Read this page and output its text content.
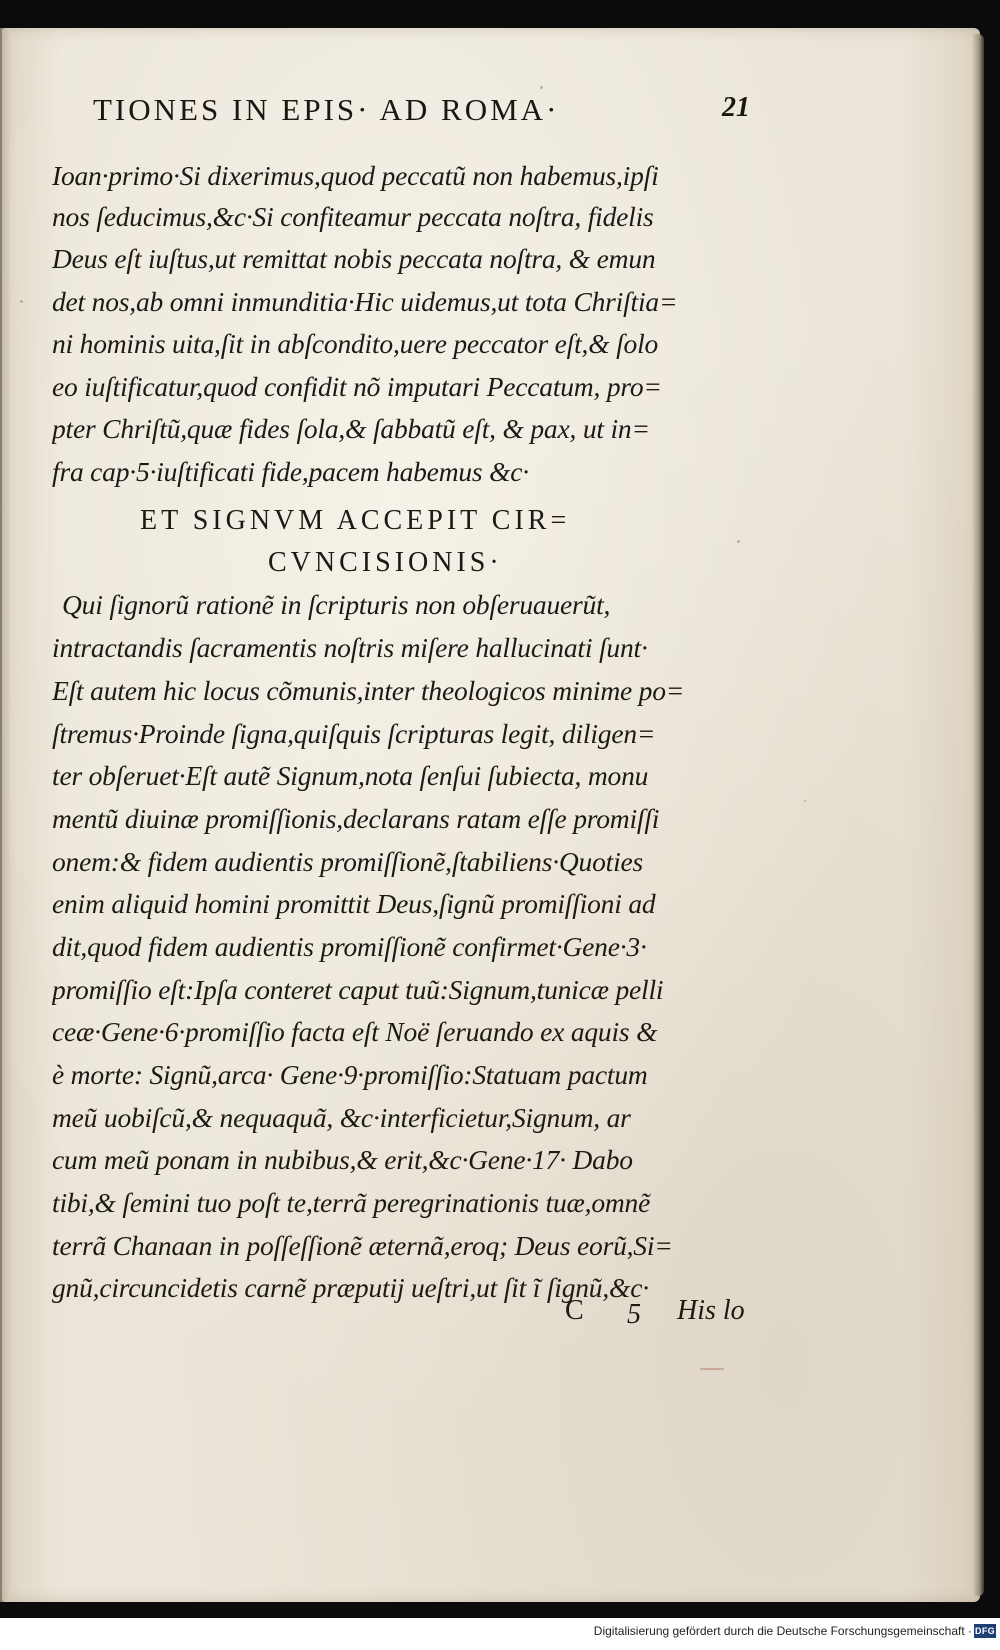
TIONES IN EPIS· AD ROMA·	21
Ioan·primo·Si dixerimus,quod peccatũ non habemus,ipſi
nos ſeducimus,&c·Si confiteamur peccata noſtra, fidelis
Deus eſt iuſtus,ut remittat nobis peccata noſtra, & emun
det nos,ab omni inmunditia·Hic uidemus,ut tota Chriſtia=
ni hominis uita,ſit in abſcondito,uere peccator eſt,& ſolo
eo iuſtificatur,quod confidit nõ imputari Peccatum, pro=
pter Chriſtũ,quæ fides ſola,& ſabbatũ eſt, & pax, ut in=
fra cap·5·iuſtificati fide,pacem habemus &c·
ET SIGNVM ACCEPIT CIR=
CVNCISIONIS·
Qui ſignorũ rationẽ in ſcripturis non obſeruauerũt,
intractandis ſacramentis noſtris miſere hallucinati ſunt·
Eſt autem hic locus cõmunis,inter theologicos minime po=
ſtremus·Proinde ſigna,quiſquis ſcripturas legit, diligen=
ter obſeruet·Eſt autẽ Signum,nota ſenſui ſubiecta, monu
mentũ diuinæ promiſſionis,declarans ratam eſſe promiſſi
onem:& fidem audientis promiſſionẽ,ſtabiliens·Quoties
enim aliquid homini promittit Deus,ſignũ promiſſioni ad
dit,quod fidem audientis promiſſionẽ confirmet·Gene·3·
promiſſio eſt:Ipſa conteret caput tuũ:Signum,tunicæ pelli
ceæ·Gene·6·promiſſio facta eſt Noë ſeruando ex aquis &
è morte: Signũ,arca· Gene·9·promiſſio:Statuam pactum
meũ uobiſcũ,& nequaquã, &c·interficietur,Signum, ar
cum meũ ponam in nubibus,& erit,&c·Gene·17· Dabo
tibi,& ſemini tuo poſt te,terrã peregrinationis tuæ,omnẽ
terrã Chanaan in poſſeſſionẽ æternã,eroq; Deus eorũ,Si=
gnũ,circuncidetis carnẽ præputij ueſtri,ut ſit ĩ ſignũ,&c·
C 5 His lo
Digitalisierung gefördert durch die Deutsche Forschungsgemeinschaft · DFG
